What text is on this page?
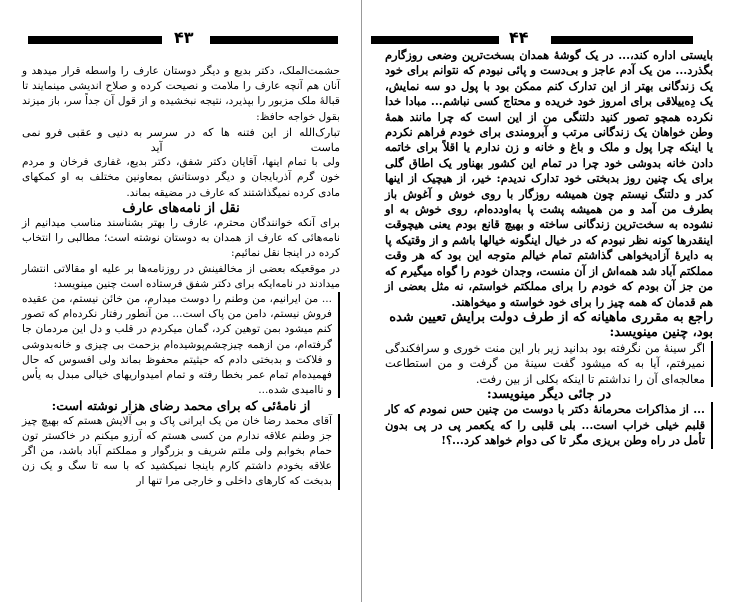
۴۳

حشمت‌الملک، دکتر بدیع و دیگر دوستان عارف را واسطه قرار میدهد و آنان هم آنچه عارف را ملامت و نصیحت کرده و صلاح اندیشی مینمایند تا قبالهٔ ملک مزبور را بپذیرد، نتیجه نبخشیده و از قول آن جداً سر، باز میزند بقول خواجه حافظ:

تبارک‌الله از این فتنه ها که در سر ماست
سر به دنیی و عقبی فرو نمی آید

ولی با تمام اینها، آقایان دکتر شفق، دکتر بدیع، غفاری فرخان و مردم خون گرم آذربایجان و دیگر دوستانش بمعاونین مختلف به او کمکهای مادی کرده نمیگذاشتند که عارف در مضیقه بماند.

نقل از نامه‌های عارف

برای آنکه خوانندگان محترم، عارف را بهتر بشناسند مناسب میدانیم از نامه‌هائی که عارف از همدان به دوستان نوشته است؛ مطالبی را انتخاب کرده در اینجا نقل نمائیم:

در موقعیکه بعضی از مخالفینش در روزنامه‌ها بر علیه او مقالاتی انتشار میدادند در نامه‌ایکه برای دکتر شفق فرستاده است چنین مینویسد:

... من ایرانیم، من وطنم را دوست میدارم، من خائن نیستم، من عقیده فروش نیستم، دامن من پاک است... من آنطور رفتار نکرده‌ام که تصور کنم میشود بمن توهین کرد، گمان میکردم در قلب و دل این مردمان جا گرفته‌ام، من ازهمه چیزچشم‌پوشیده‌ام بزحمت بی چیزی و خانه‌بدوشی و فلاکت و بدبختی دادم که حیثیتم محفوظ بماند ولی افسوس که حال فهمیده‌ام تمام عمر بخطا رفته و تمام امیدواریهای خیالی مبدل به یأس و ناامیدی شده...

از نامهٔ‌ئی که برای محمد رضای هزار نوشته است:

آقای محمد رضا خان من یک ایرانی پاک و بی آلایش هستم که بهیچ چیز جز وطنم علاقه ندارم من کسی هستم که آرزو میکنم در خاکستر تون حمام بخوابم ولی ملتم شریف و بزرگوار و مملکتم آباد باشد، من اگر علاقه بخودم داشتم کارم باینجا نمیکشید که با سه تا سگ و یک زن بدبخت که کارهای داخلی و خارجی مرا تنها ار

۴۴

بایستی اداره کند،... در یک گوشهٔ همدان بسخت‌ترین وضعی روزگارم بگذرد... من یک آدم عاجز و بی‌دست و پائی نبودم که نتوانم برای خود یک زندگانی بهتر از این تدارک کنم ممکن بود با پول دو سه نمایش، یک دِه‌ییلاقی برای امروز خود خریده و محتاج کسی نباشم... مبادا خدا نکرده همچو تصور کنید دلتنگی من از این است که چرا مانند همهٔ وطن خواهان یک زندگانی مرتب و آبرومندی برای خودم فراهم نکردم یا اینکه چرا پول و ملک و باغ و خانه و زن ندارم یا اقلاً برای خاتمه دادن خانه بدوشی خود چرا در تمام این کشور بهناور یک اطاق گلی برای یک چنین روز بدبختی خود تدارک ندیدم: خیر، از هیچیک از اینها کدر و دلتنگ نیستم چون همیشه روزگار با روی خوش و آغوش باز بطرف من آمد و من همیشه پشت پا به‌اودده‌ام، روی خوش به او نشوده به سخت‌ترین زندگانی ساخته و بهیچ قانع بودم یعنی هیچوقت اینقدرها کونه نظر نبودم که در خیال اینگونه خیالها باشم و از وقتیکه پا به دایرهٔ آزادیخواهی گذاشتم تمام خیالم متوجه این بود که هر وقت مملکتم آباد شد همه‌اش از آن منست، وجدان خودم را گواه میگیرم که من جز آن بودم که خودم را برای مملکتم خواستم، نه مثل بعضی از هم قدمان که همه چیز را برای خود خواسته و میخواهند.

راجع به مقرری ماهیانه که از طرف دولت برایش تعیین شده بود، چنین مینویسد:

اگر سینهٔ من نگرفته بود بدانید زیر بار این منت خوری و سرافکندگی نمیرفتم، آیا به که میشود گفت سینهٔ من گرفت و من استطاعت معالجه‌ای آن را نداشتم تا اینکه بکلی از بین رفت.

در جائی دیگر مینویسد:

... از مذاکرات محرمانهٔ دکتر با دوست من چنین حس نمودم که کار قلبم خیلی خراب است... بلی قلبی را که یکعمر پی در پی بدون تأمل در راه وطن بریزی مگر تا کی دوام خواهد کرد...؟!
